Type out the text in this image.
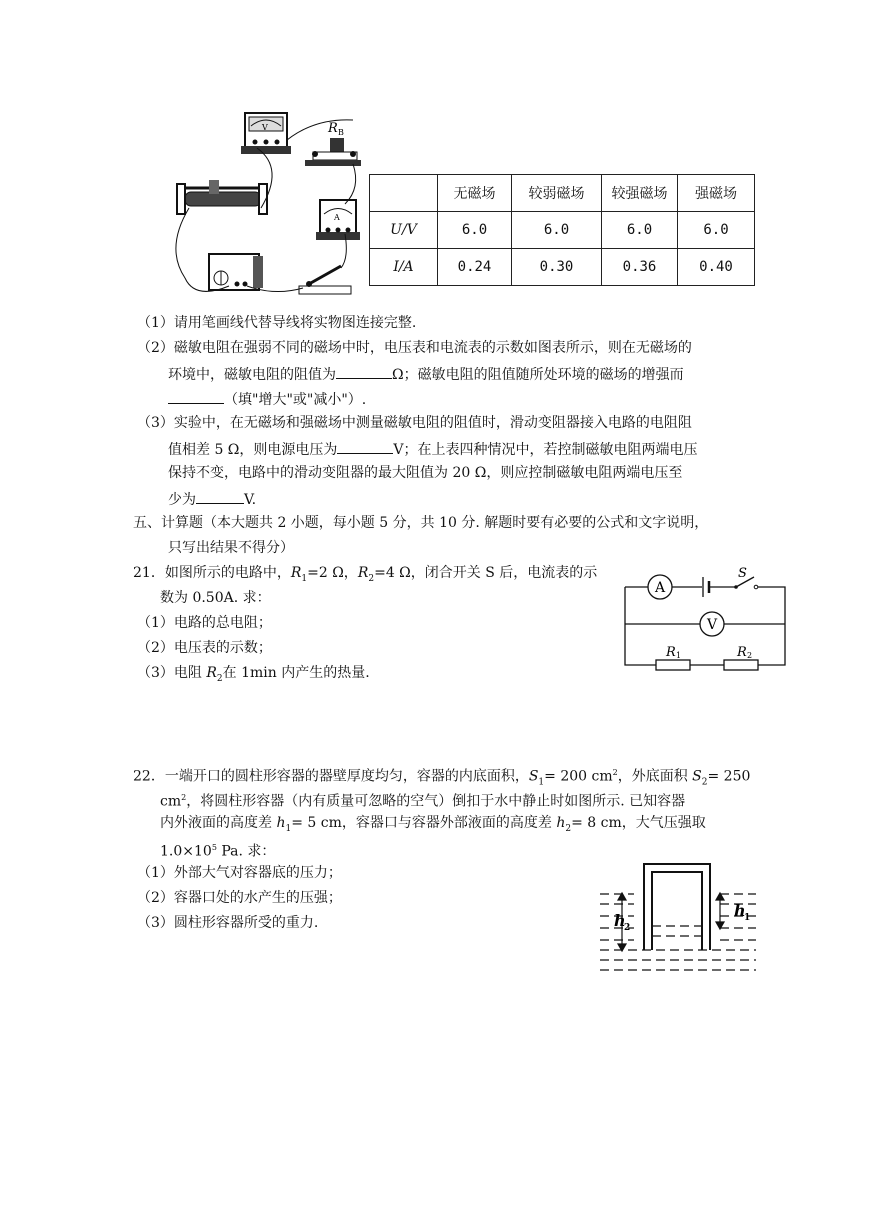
V	R B
A
	无磁场	较弱磁场	较强磁场	强磁场
U/V	6.0	6.0	6.0	6.0
I/A	0.24	0.30	0.36	0.40
（1）请用笔画线代替导线将实物图连接完整.
（2）磁敏电阻在强弱不同的磁场中时，电压表和电流表的示数如图表所示，则在无磁场的
环境中，磁敏电阻的阻值为	Ω；磁敏电阻的阻值随所处环境的磁场的增强而
（填"增大"或"减小"）.
（3）实验中，在无磁场和强磁场中测量磁敏电阻的阻值时，滑动变阻器接入电路的电阻阻
值相差 5 Ω，则电源电压为	V；在上表四种情况中，若控制磁敏电阻两端电压
保持不变，电路中的滑动变阻器的最大阻值为 20 Ω，则应控制磁敏电阻两端电压至
少为	V.
五、计算题（本大题共 2 小题，每小题 5 分，共 10 分. 解题时要有必要的公式和文字说明，
只写出结果不得分）
21．如图所示的电路中，$R_1=2$ Ω，$R_2=4$ Ω，闭合开关 S 后，电流表的示
数为 0.50A. 求：
（1）电路的总电阻；
（2）电压表的示数；
（3）电阻 $R_2$在 1min 内产生的热量.
A
S
V
R 1	R 2
22．一端开口的圆柱形容器的器壁厚度均匀，容器的内底面积，$S_1= 200$ $cm^2$，外底面积 $S_2= 250$
$cm^2$，将圆柱形容器（内有质量可忽略的空气）倒扣于水中静止时如图所示. 已知容器
内外液面的高度差 $h_1= 5$ cm，容器口与容器外部液面的高度差 $h_2= 8$ cm，大气压强取
$1.0\times 10^5$ Pa. 求：
（1）外部大气对容器底的压力；
（2）容器口处的水产生的压强；
（3）圆柱形容器所受的重力.
h
1
h
2
